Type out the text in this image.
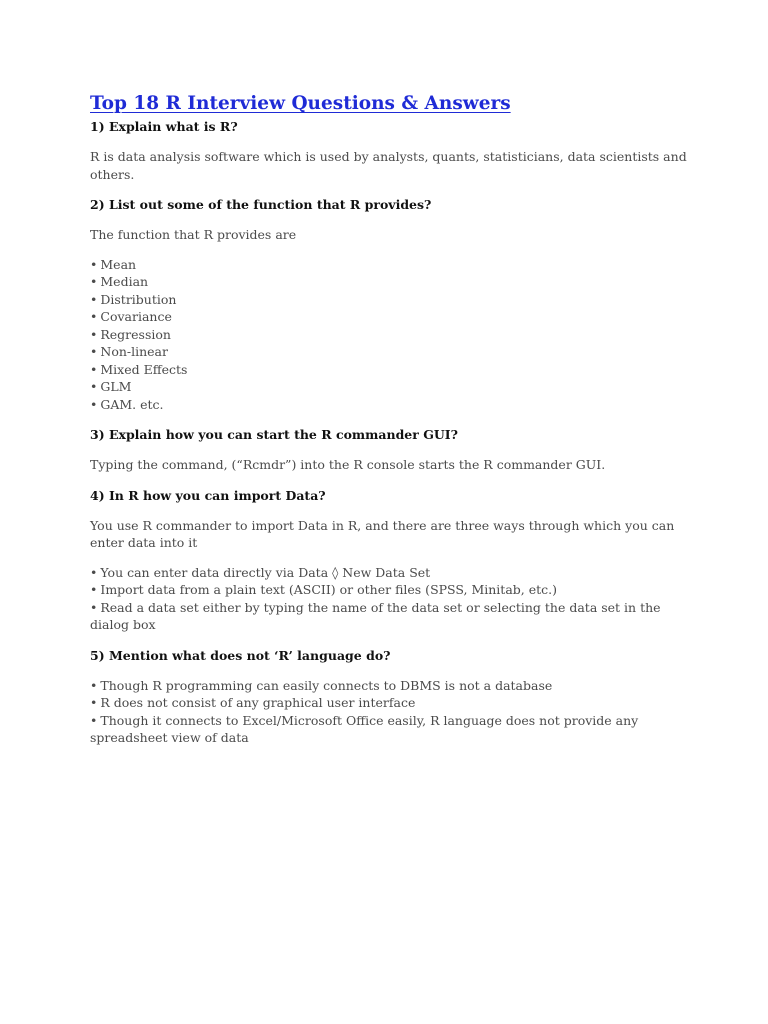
Top 18 R Interview Questions & Answers

1) Explain what is R?

R is data analysis software which is used by analysts, quants, statisticians, data scientists and others.

2) List out some of the function that R provides?

The function that R provides are

• Mean
• Median
• Distribution
• Covariance
• Regression
• Non-linear
• Mixed Effects
• GLM
• GAM. etc.

3) Explain how you can start the R commander GUI?

Typing the command, (“Rcmdr”) into the R console starts the R commander GUI.

4) In R how you can import Data?

You use R commander to import Data in R, and there are three ways through which you can enter data into it

• You can enter data directly via Data ◊ New Data Set
• Import data from a plain text (ASCII) or other files (SPSS, Minitab, etc.)
• Read a data set either by typing the name of the data set or selecting the data set in the dialog box

5) Mention what does not ‘R’ language do?

• Though R programming can easily connects to DBMS is not a database
• R does not consist of any graphical user interface
• Though it connects to Excel/Microsoft Office easily, R language does not provide any spreadsheet view of data
